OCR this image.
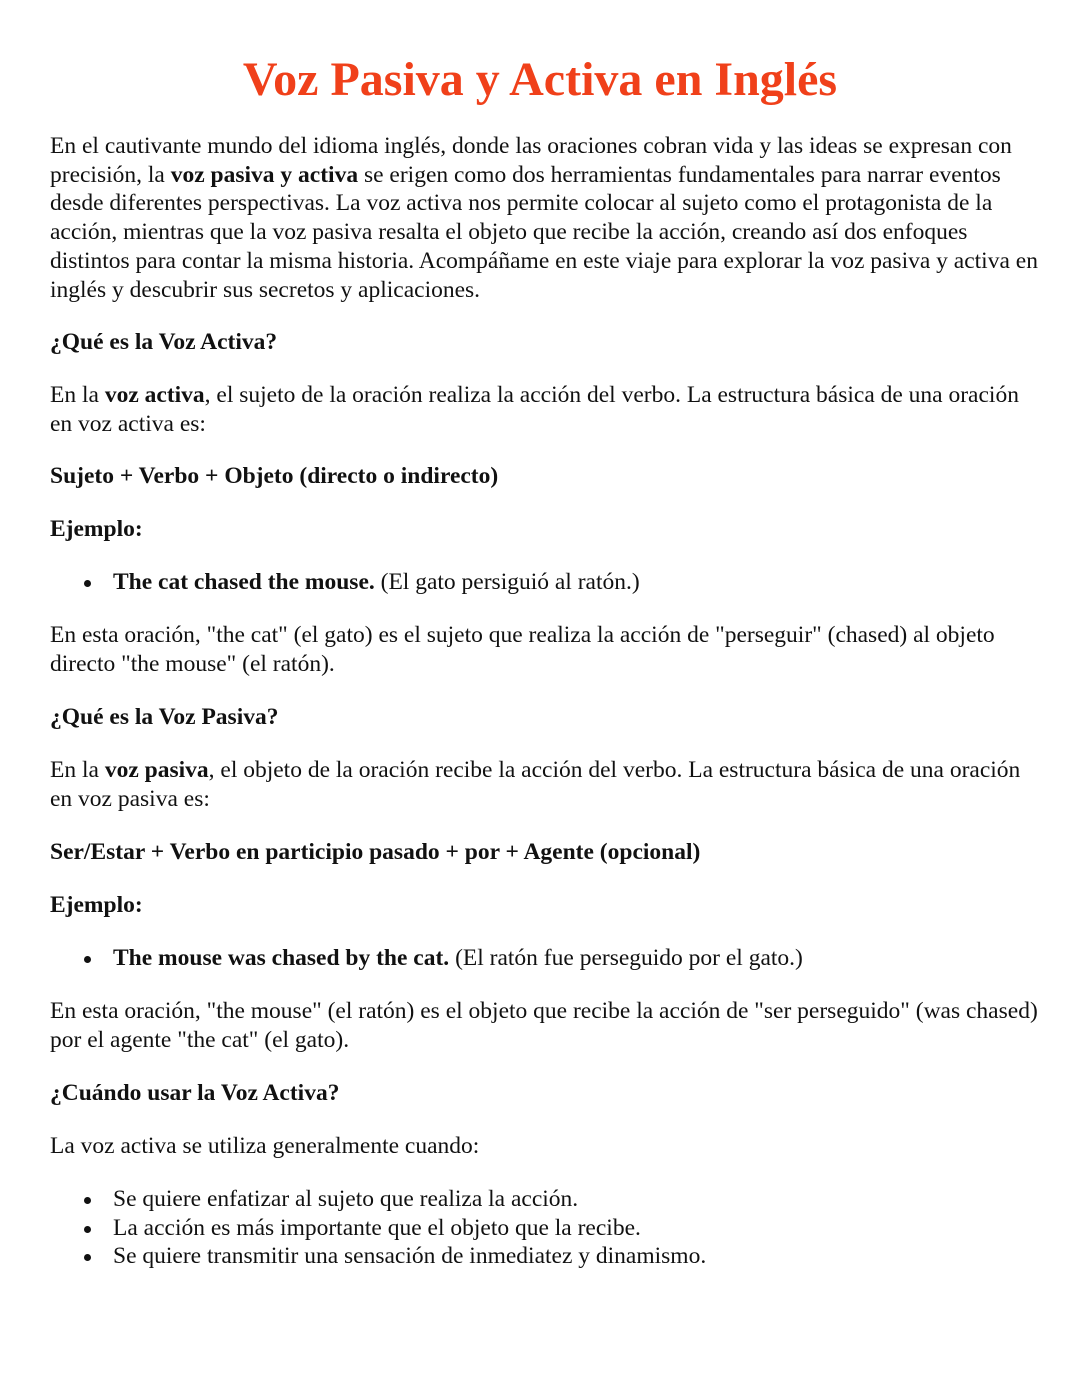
Voz Pasiva y Activa en Inglés

En el cautivante mundo del idioma inglés, donde las oraciones cobran vida y las ideas se expresan con precisión, la voz pasiva y activa se erigen como dos herramientas fundamentales para narrar eventos desde diferentes perspectivas. La voz activa nos permite colocar al sujeto como el protagonista de la acción, mientras que la voz pasiva resalta el objeto que recibe la acción, creando así dos enfoques distintos para contar la misma historia. Acompáñame en este viaje para explorar la voz pasiva y activa en inglés y descubrir sus secretos y aplicaciones.

¿Qué es la Voz Activa?

En la voz activa, el sujeto de la oración realiza la acción del verbo. La estructura básica de una oración en voz activa es:

Sujeto + Verbo + Objeto (directo o indirecto)

Ejemplo:

The cat chased the mouse. (El gato persiguió al ratón.)

En esta oración, "the cat" (el gato) es el sujeto que realiza la acción de "perseguir" (chased) al objeto directo "the mouse" (el ratón).

¿Qué es la Voz Pasiva?

En la voz pasiva, el objeto de la oración recibe la acción del verbo. La estructura básica de una oración en voz pasiva es:

Ser/Estar + Verbo en participio pasado + por + Agente (opcional)

Ejemplo:

The mouse was chased by the cat. (El ratón fue perseguido por el gato.)

En esta oración, "the mouse" (el ratón) es el objeto que recibe la acción de "ser perseguido" (was chased) por el agente "the cat" (el gato).

¿Cuándo usar la Voz Activa?

La voz activa se utiliza generalmente cuando:

Se quiere enfatizar al sujeto que realiza la acción.
La acción es más importante que el objeto que la recibe.
Se quiere transmitir una sensación de inmediatez y dinamismo.
